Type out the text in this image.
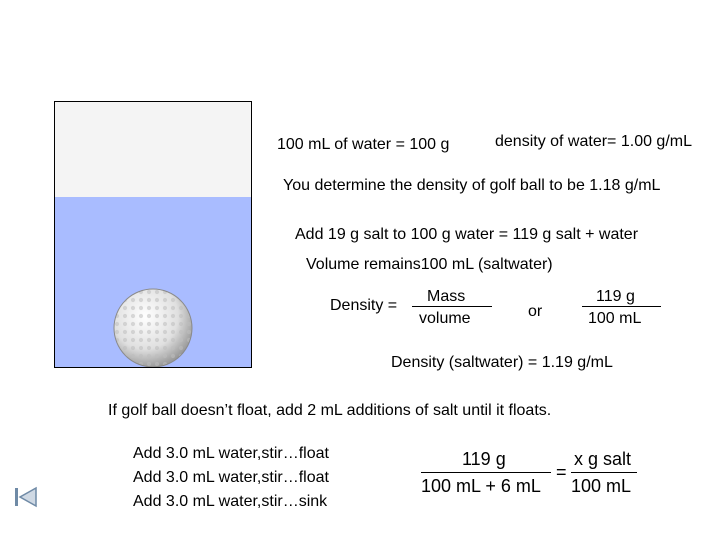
100 mL of water = 100 g	density of water= 1.00 g/mL
You determine the density of golf ball to be 1.18 g/mL
Add 19 g salt to 100 g water = 119 g salt + water
Volume remains100 mL (saltwater)
Density =
Mass
volume	or
119 g
100 mL
Density (saltwater) = 1.19 g/mL
If golf ball doesn’t float, add 2 mL additions of salt until it floats.
Add 3.0 mL water,stir…float
Add 3.0 mL water,stir…float
Add 3.0 mL water,stir…sink
119 g
100 mL + 6 mL
=
x g salt
100 mL
